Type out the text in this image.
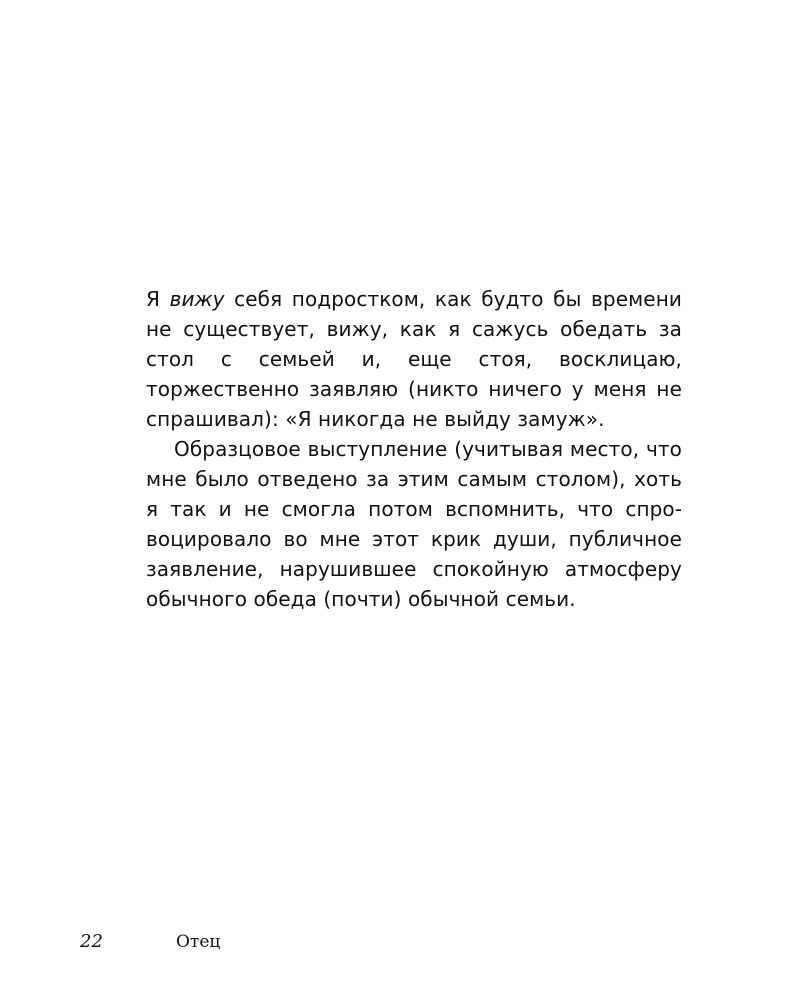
Я вижу себя подростком, как будто бы времени не существует, вижу, как я сажусь обедать за стол с семьей и, еще стоя, восклицаю, торжественно заявляю (никто ничего у меня не спрашивал): «Я никогда не выйду замуж».

Образцовое выступление (учитывая место, что мне было отведено за этим самым столом), хоть я так и не смогла потом вспомнить, что спровоцировало во мне этот крик души, публичное заявление, нарушившее спокойную атмосферу обычного обеда (почти) обычной семьи.

22	Отец
